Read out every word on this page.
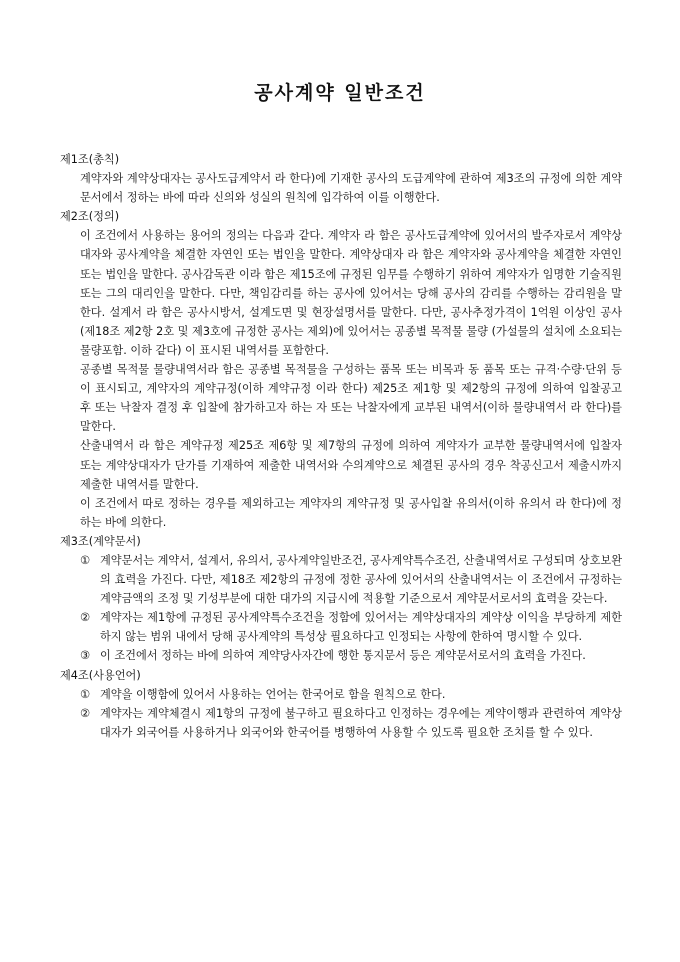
공사계약 일반조건

제1조(총칙)

계약자와 계약상대자는 공사도급계약서 라 한다)에 기재한 공사의 도급계약에 관하여 제3조의 규정에 의한 계약문서에서 정하는 바에 따라 신의와 성실의 원칙에 입각하여 이를 이행한다.

제2조(정의)

이 조건에서 사용하는 용어의 정의는 다음과 같다. 계약자 라 함은 공사도급계약에 있어서의 발주자로서 계약상대자와 공사계약을 체결한 자연인 또는 법인을 말한다. 계약상대자 라 함은 계약자와 공사계약을 체결한 자연인 또는 법인을 말한다. 공사감독관 이라 함은 제15조에 규정된 임무를 수행하기 위하여 계약자가 임명한 기술직원 또는 그의 대리인을 말한다. 다만, 책임감리를 하는 공사에 있어서는 당해 공사의 감리를 수행하는 감리원을 말한다. 설계서 라 함은 공사시방서, 설계도면 및 현장설명서를 말한다. 다만, 공사추정가격이 1억원 이상인 공사(제18조 제2항 2호 및 제3호에 규정한 공사는 제외)에 있어서는 공종별 목적물 물량 (가설물의 설치에 소요되는 물량포함. 이하 같다) 이 표시된 내역서를 포함한다.

공종별 목적물 물량내역서라 함은 공종별 목적물을 구성하는 품목 또는 비목과 동 품목 또는 규격·수량·단위 등이 표시되고, 계약자의 계약규정(이하 계약규정 이라 한다) 제25조 제1항 및 제2항의 규정에 의하여 입찰공고 후 또는 낙찰자 결정 후 입찰에 참가하고자 하는 자 또는 낙찰자에게 교부된 내역서(이하 물량내역서 라 한다)를 말한다.

산출내역서 라 함은 계약규정 제25조 제6항 및 제7항의 규정에 의하여 계약자가 교부한 물량내역서에 입찰자 또는 계약상대자가 단가를 기재하여 제출한 내역서와 수의계약으로 체결된 공사의 경우 착공신고서 제출시까지 제출한 내역서를 말한다.

이 조건에서 따로 정하는 경우를 제외하고는 계약자의 계약규정 및 공사입찰 유의서(이하 유의서 라 한다)에 정하는 바에 의한다.

제3조(계약문서)

① 계약문서는 계약서, 설계서, 유의서, 공사계약일반조건, 공사계약특수조건, 산출내역서로 구성되며 상호보완의 효력을 가진다. 다만, 제18조 제2항의 규정에 정한 공사에 있어서의 산출내역서는 이 조건에서 규정하는 계약금액의 조정 및 기성부분에 대한 대가의 지급시에 적용할 기준으로서 계약문서로서의 효력을 갖는다.
② 계약자는 제1항에 규정된 공사계약특수조건을 정함에 있어서는 계약상대자의 계약상 이익을 부당하게 제한하지 않는 범위 내에서 당해 공사계약의 특성상 필요하다고 인정되는 사항에 한하여 명시할 수 있다.
③ 이 조건에서 정하는 바에 의하여 계약당사자간에 행한 통지문서 등은 계약문서로서의 효력을 가진다.

제4조(사용언어)

① 계약을 이행함에 있어서 사용하는 언어는 한국어로 함을 원칙으로 한다.
② 계약자는 계약체결시 제1항의 규정에 불구하고 필요하다고 인정하는 경우에는 계약이행과 관련하여 계약상대자가 외국어를 사용하거나 외국어와 한국어를 병행하여 사용할 수 있도록 필요한 조치를 할 수 있다.
